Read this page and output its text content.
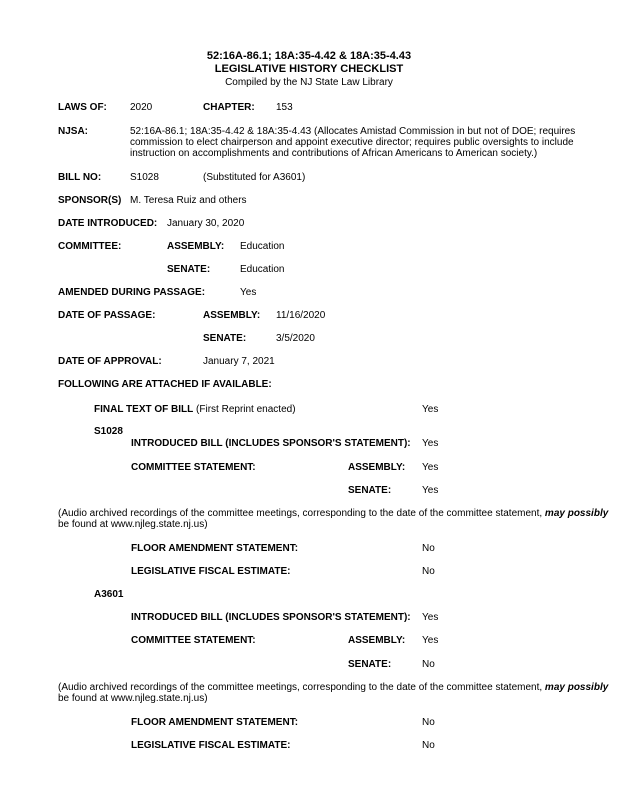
52:16A-86.1; 18A:35-4.42 & 18A:35-4.43
LEGISLATIVE HISTORY CHECKLIST
Compiled by the NJ State Law Library
LAWS OF: 2020	CHAPTER: 153
NJSA:	52:16A-86.1; 18A:35-4.42 & 18A:35-4.43 (Allocates Amistad Commission in but not of DOE; requires
commission to elect chairperson and appoint executive director; requires public oversights to include
instruction on accomplishments and contributions of African Americans to American society.)
BILL NO:	S1028	(Substituted for A3601)
SPONSOR(S) M. Teresa Ruiz and others
DATE INTRODUCED: January 30, 2020
COMMITTEE:	ASSEMBLY: Education
SENATE:	Education
AMENDED DURING PASSAGE:	Yes
DATE OF PASSAGE:	ASSEMBLY: 11/16/2020
SENATE:	3/5/2020
DATE OF APPROVAL:	January 7, 2021
FOLLOWING ARE ATTACHED IF AVAILABLE:
FINAL TEXT OF BILL (First Reprint enacted)	Yes
S1028
INTRODUCED BILL (INCLUDES SPONSOR'S STATEMENT): Yes
COMMITTEE STATEMENT:	ASSEMBLY: Yes
SENATE:	Yes
(Audio archived recordings of the committee meetings, corresponding to the date of the committee statement, may possibly
be found at www.njleg.state.nj.us)
FLOOR AMENDMENT STATEMENT:	No
LEGISLATIVE FISCAL ESTIMATE:	No
A3601
INTRODUCED BILL (INCLUDES SPONSOR'S STATEMENT): Yes
COMMITTEE STATEMENT:	ASSEMBLY: Yes
SENATE:	No
(Audio archived recordings of the committee meetings, corresponding to the date of the committee statement, may possibly
be found at www.njleg.state.nj.us)
FLOOR AMENDMENT STATEMENT:	No
LEGISLATIVE FISCAL ESTIMATE:	No
